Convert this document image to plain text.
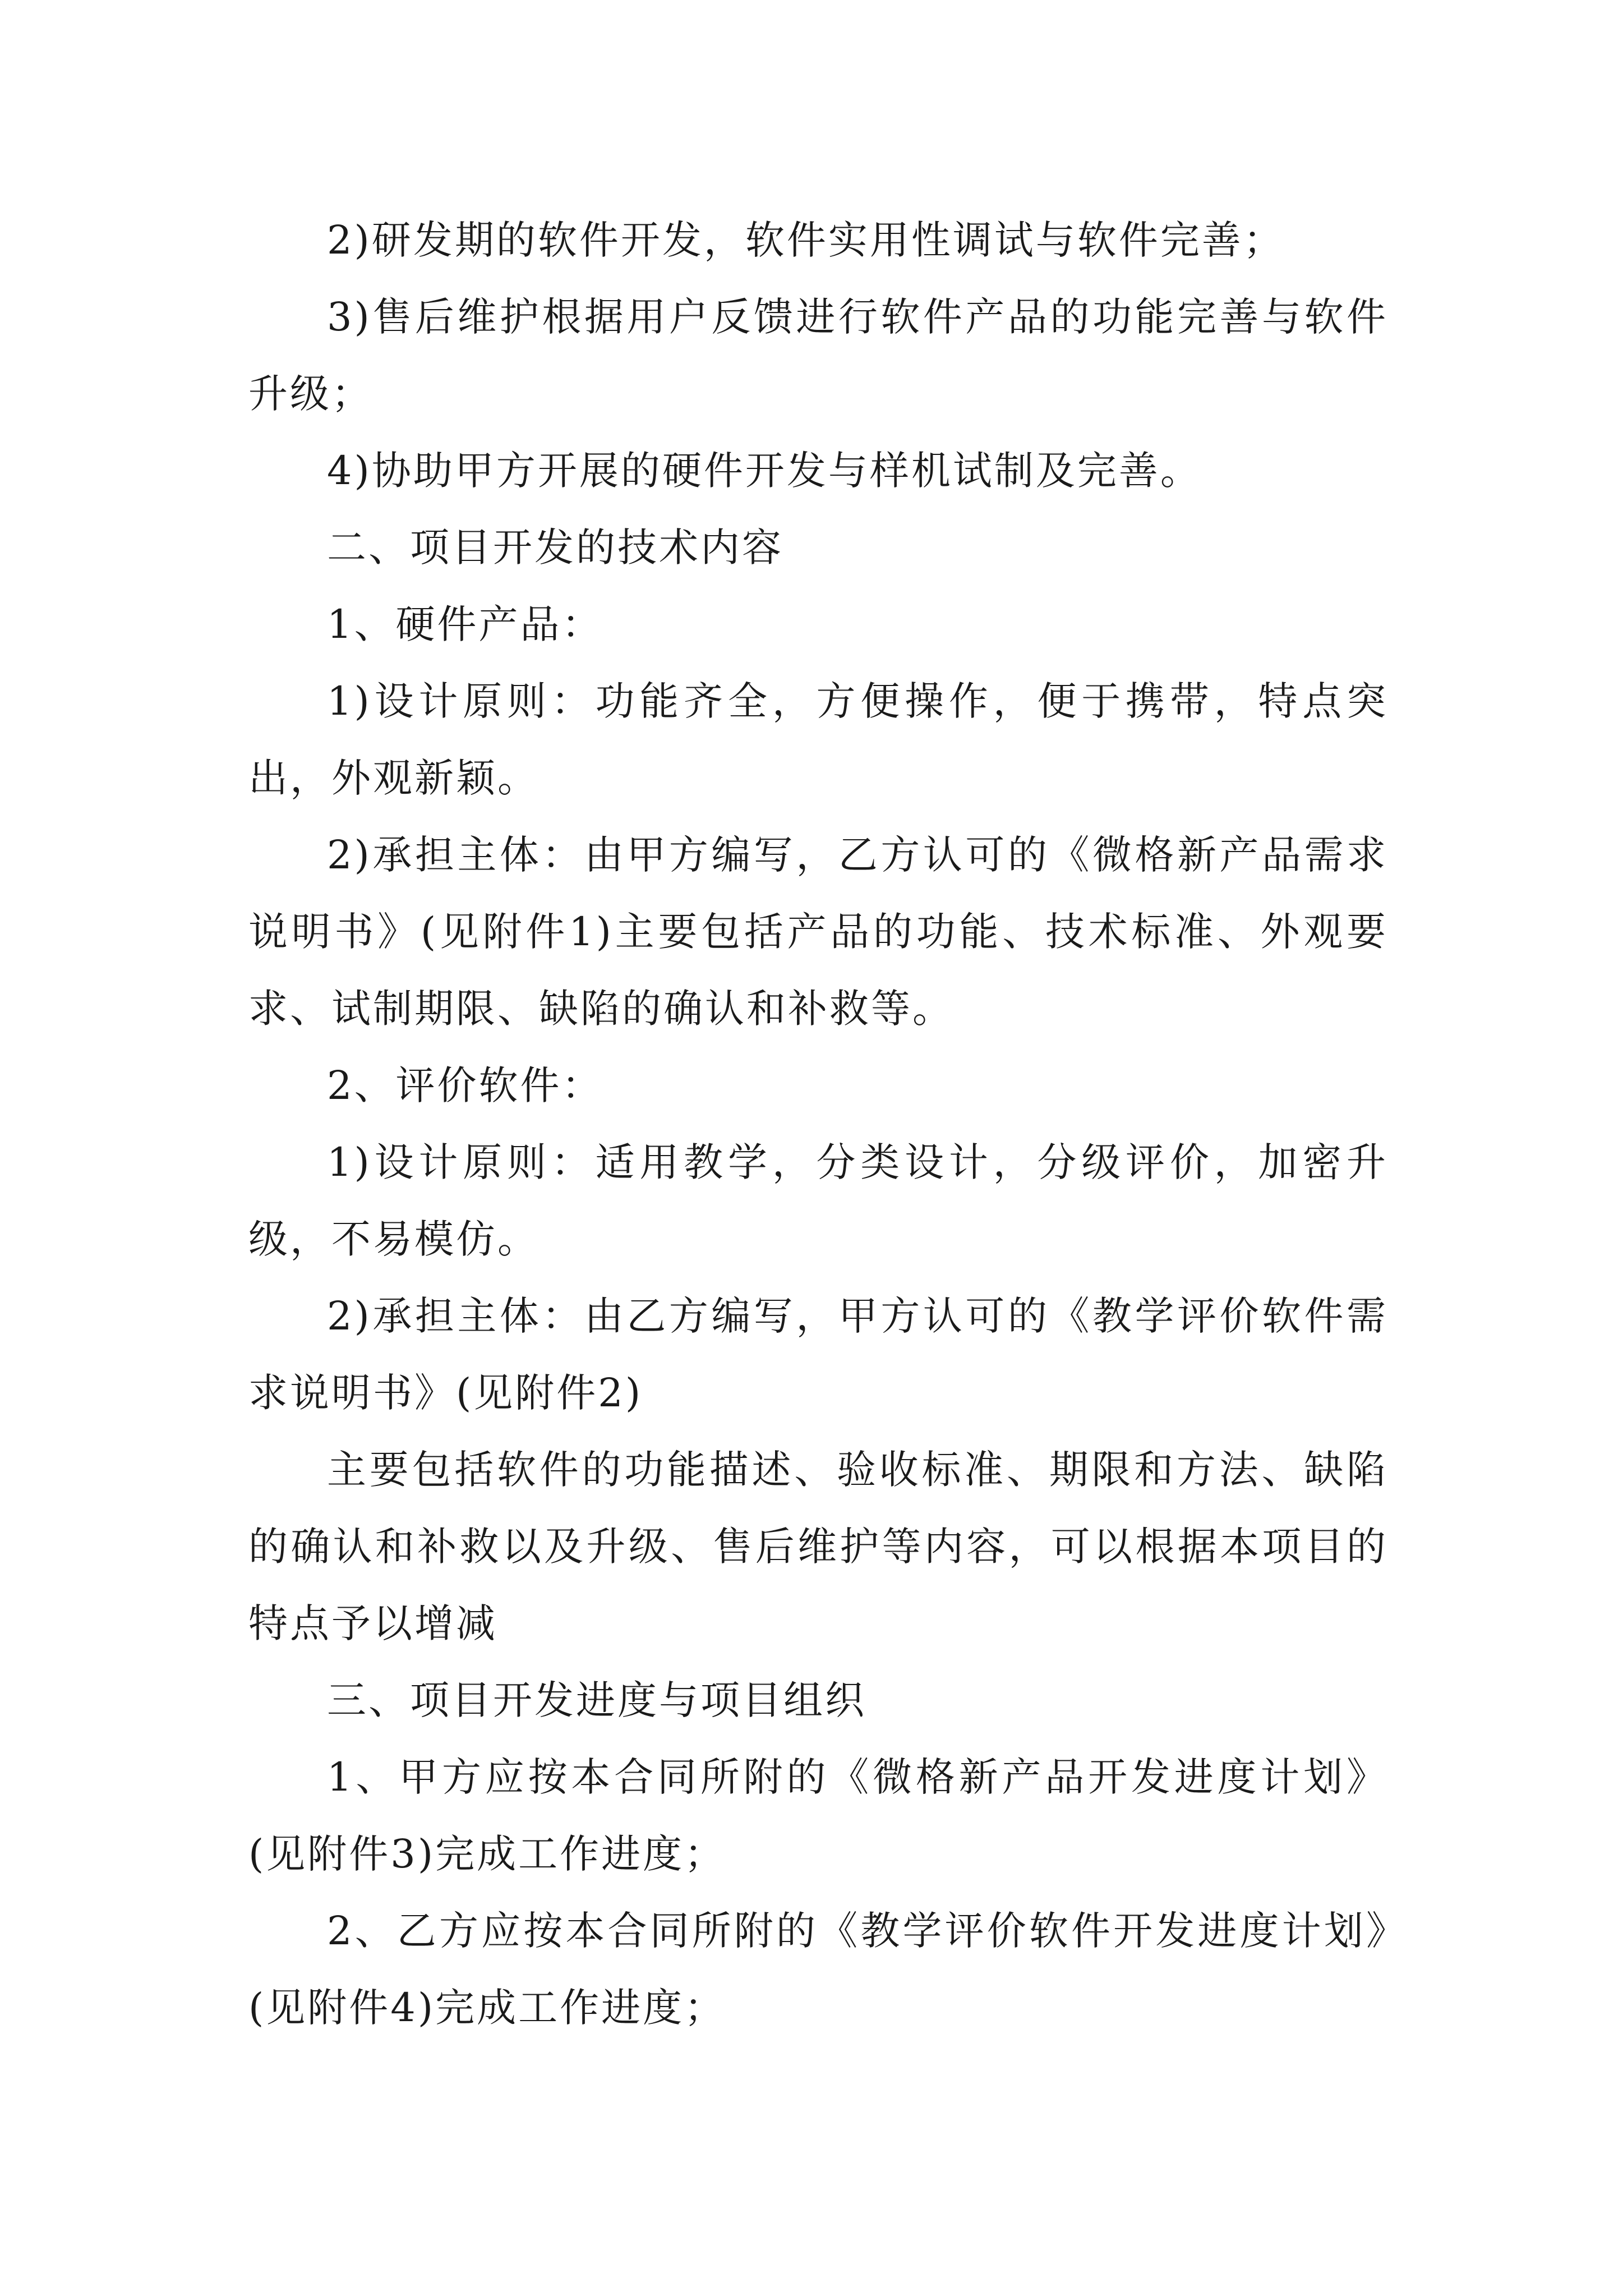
2)研发期的软件开发，软件实用性调试与软件完善；

3)售后维护根据用户反馈进行软件产品的功能完善与软件升级；

4)协助甲方开展的硬件开发与样机试制及完善。

二、项目开发的技术内容

1、硬件产品：

1)设计原则：功能齐全，方便操作，便于携带，特点突出，外观新颖。

2)承担主体：由甲方编写，乙方认可的《微格新产品需求说明书》(见附件1)主要包括产品的功能、技术标准、外观要求、试制期限、缺陷的确认和补救等。

2、评价软件：

1)设计原则：适用教学，分类设计，分级评价，加密升级，不易模仿。

2)承担主体：由乙方编写，甲方认可的《教学评价软件需求说明书》(见附件2)

主要包括软件的功能描述、验收标准、期限和方法、缺陷的确认和补救以及升级、售后维护等内容，可以根据本项目的特点予以增减

三、项目开发进度与项目组织

1、甲方应按本合同所附的《微格新产品开发进度计划》(见附件3)完成工作进度；

2、乙方应按本合同所附的《教学评价软件开发进度计划》(见附件4)完成工作进度；
